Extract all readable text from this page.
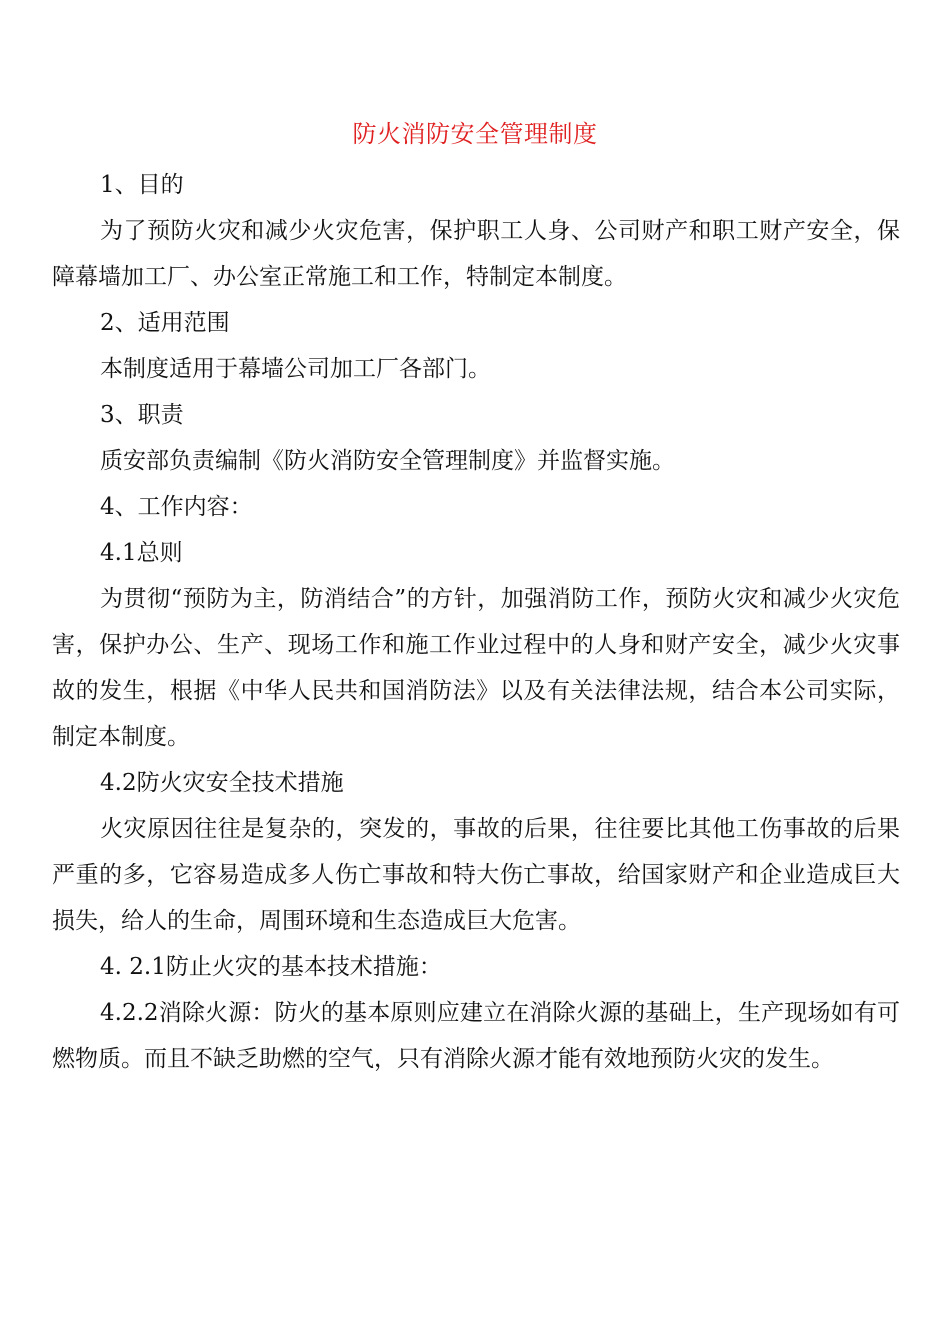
防火消防安全管理制度

1、目的

为了预防火灾和减少火灾危害，保护职工人身、公司财产和职工财产安全，保障幕墙加工厂、办公室正常施工和工作，特制定本制度。

2、适用范围

本制度适用于幕墙公司加工厂各部门。

3、职责

质安部负责编制《防火消防安全管理制度》并监督实施。

4、工作内容：

4.1总则

为贯彻“预防为主，防消结合”的方针，加强消防工作，预防火灾和减少火灾危害，保护办公、生产、现场工作和施工作业过程中的人身和财产安全，减少火灾事故的发生，根据《中华人民共和国消防法》以及有关法律法规，结合本公司实际，制定本制度。

4.2防火灾安全技术措施

火灾原因往往是复杂的，突发的，事故的后果，往往要比其他工伤事故的后果严重的多，它容易造成多人伤亡事故和特大伤亡事故，给国家财产和企业造成巨大损失，给人的生命，周围环境和生态造成巨大危害。

4. 2.1防止火灾的基本技术措施：

4.2.2消除火源：防火的基本原则应建立在消除火源的基础上，生产现场如有可燃物质。而且不缺乏助燃的空气，只有消除火源才能有效地预防火灾的发生。
